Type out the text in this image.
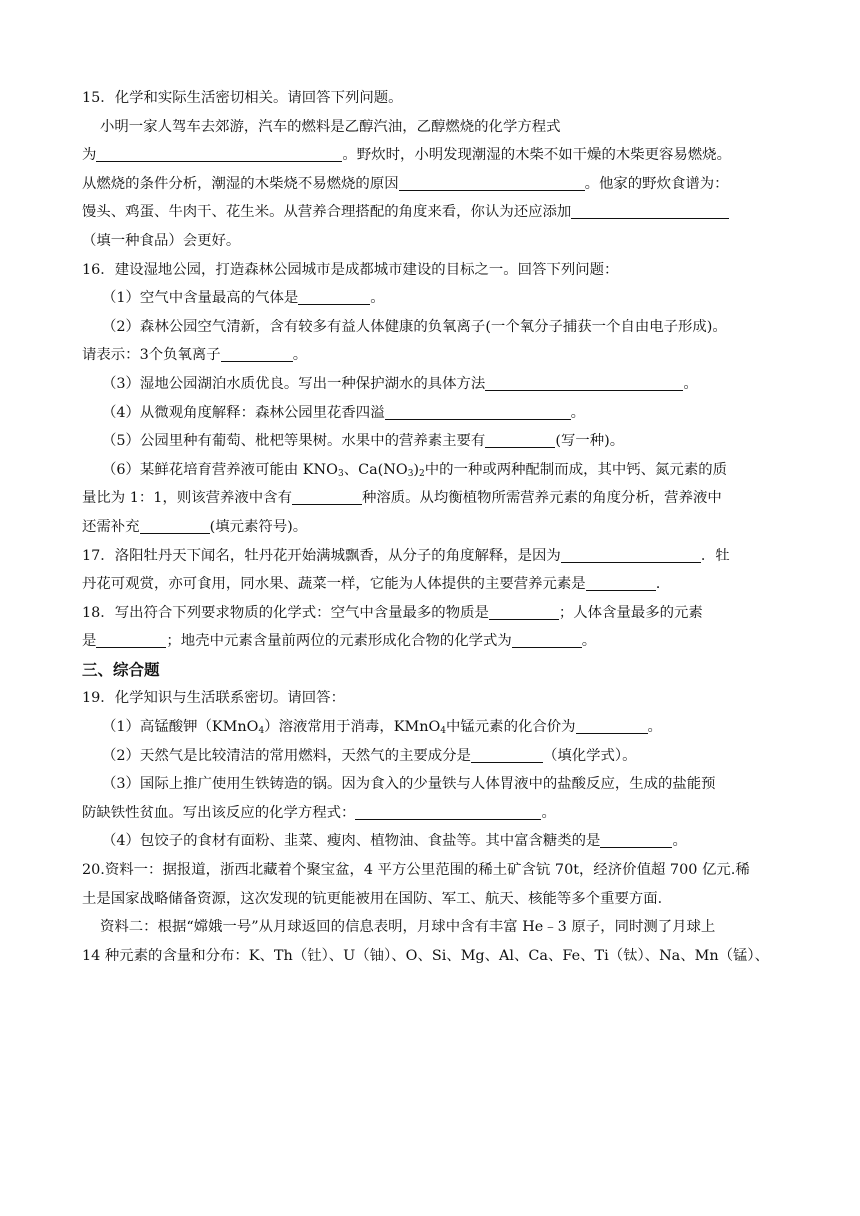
15．化学和实际生活密切相关。请回答下列问题。
小明一家人驾车去郊游，汽车的燃料是乙醇汽油，乙醇燃烧的化学方程式
为	。野炊时，小明发现潮湿的木柴不如干燥的木柴更容易燃烧。
从燃烧的条件分析，潮湿的木柴烧不易燃烧的原因	。他家的野炊食谱为：
馒头、鸡蛋、牛肉干、花生米。从营养合理搭配的角度来看，你认为还应添加
（填一种食品）会更好。
16．建设湿地公园，打造森林公园城市是成都城市建设的目标之一。回答下列问题：
（1）空气中含量最高的气体是	。
（2）森林公园空气清新，含有较多有益人体健康的负氧离子(一个氧分子捕获一个自由电子形成)。
请表示：3个负氧离子	。
（3）湿地公园湖泊水质优良。写出一种保护湖水的具体方法	。
（4）从微观角度解释：森林公园里花香四溢	。
（5）公园里种有葡萄、枇杷等果树。水果中的营养素主要有	(写一种)。
（6）某鲜花培育营养液可能由 $KNO_3$、$Ca(NO_3)_2$中的一种或两种配制而成，其中钙、氮元素的质
量比为 1：1，则该营养液中含有	种溶质。从均衡植物所需营养元素的角度分析，营养液中
还需补充	(填元素符号)。
17．洛阳牡丹天下闻名，牡丹花开始满城飘香，从分子的角度解释，是因为	．牡
丹花可观赏，亦可食用，同水果、蔬菜一样，它能为人体提供的主要营养元素是	.
18．写出符合下列要求物质的化学式：空气中含量最多的物质是	；人体含量最多的元素
是	；地壳中元素含量前两位的元素形成化合物的化学式为	。
三、综合题
19．化学知识与生活联系密切。请回答：
（1）高锰酸钾（KMnO$_4$）溶液常用于消毒，KMnO$_4$中锰元素的化合价为	。
（2）天然气是比较清洁的常用燃料，天然气的主要成分是	（填化学式）。
（3）国际上推广使用生铁铸造的锅。因为食入的少量铁与人体胃液中的盐酸反应，生成的盐能预
防缺铁性贫血。写出该反应的化学方程式：	。
（4）包饺子的食材有面粉、韭菜、瘦肉、植物油、食盐等。其中富含糖类的是	。
20.资料一：据报道，浙西北藏着个聚宝盆，4 平方公里范围的稀土矿含钪 70t，经济价值超 700 亿元.稀
土是国家战略储备资源，这次发现的钪更能被用在国防、军工、航天、核能等多个重要方面．
资料二：根据“嫦娥一号”从月球返回的信息表明，月球中含有丰富 He﹣3 原子，同时测了月球上
14 种元素的含量和分布：K、Th（钍）、U（铀）、O、Si、Mg、Al、Ca、Fe、Ti（钛）、Na、Mn（锰）、
